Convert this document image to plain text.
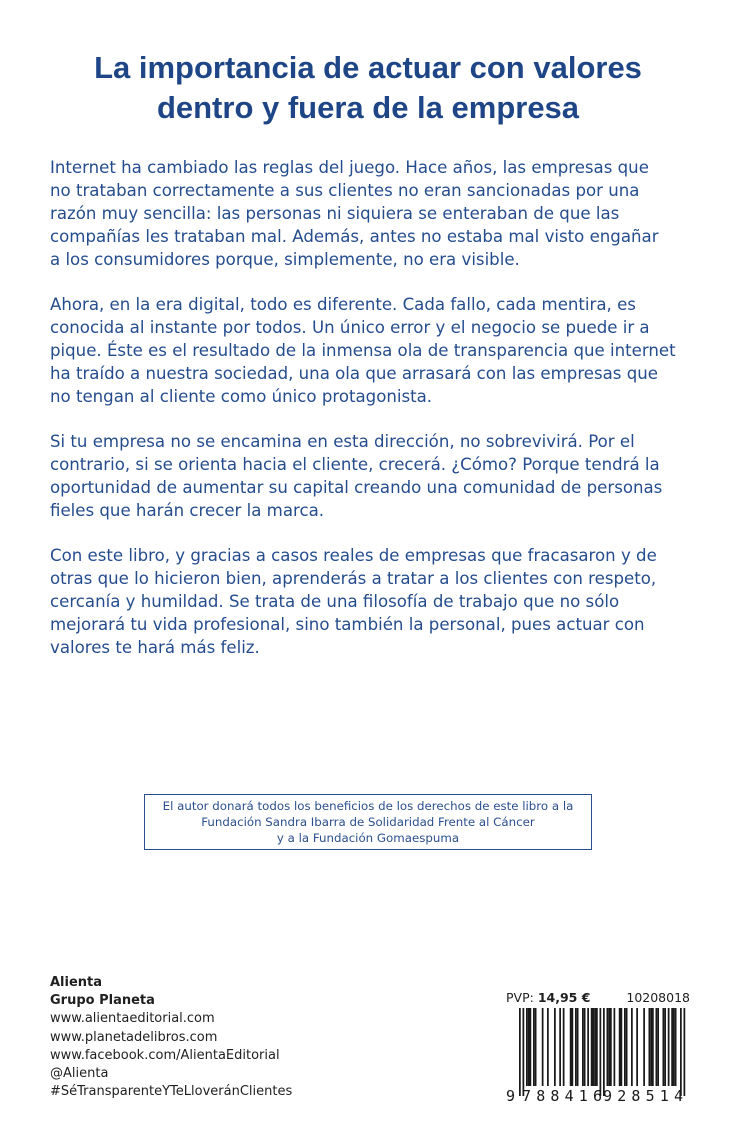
La importancia de actuar con valores
dentro y fuera de la empresa

Internet ha cambiado las reglas del juego. Hace años, las empresas que
no trataban correctamente a sus clientes no eran sancionadas por una
razón muy sencilla: las personas ni siquiera se enteraban de que las
compañías les trataban mal. Además, antes no estaba mal visto engañar
a los consumidores porque, simplemente, no era visible.

Ahora, en la era digital, todo es diferente. Cada fallo, cada mentira, es
conocida al instante por todos. Un único error y el negocio se puede ir a
pique. Éste es el resultado de la inmensa ola de transparencia que internet
ha traído a nuestra sociedad, una ola que arrasará con las empresas que
no tengan al cliente como único protagonista.

Si tu empresa no se encamina en esta dirección, no sobrevivirá. Por el
contrario, si se orienta hacia el cliente, crecerá. ¿Cómo? Porque tendrá la
oportunidad de aumentar su capital creando una comunidad de personas
fieles que harán crecer la marca.

Con este libro, y gracias a casos reales de empresas que fracasaron y de
otras que lo hicieron bien, aprenderás a tratar a los clientes con respeto,
cercanía y humildad. Se trata de una filosofía de trabajo que no sólo
mejorará tu vida profesional, sino también la personal, pues actuar con
valores te hará más feliz.

El autor donará todos los beneficios de los derechos de este libro a la
Fundación Sandra Ibarra de Solidaridad Frente al Cáncer
y a la Fundación Gomaespuma
Alienta
Grupo Planeta
www.alientaeditorial.com
www.planetadelibros.com
www.facebook.com/AlientaEditorial
@Alienta
#SéTransparenteYTeLloveránClientes
PVP: 14,95 €	10208018
9 788416 928514
